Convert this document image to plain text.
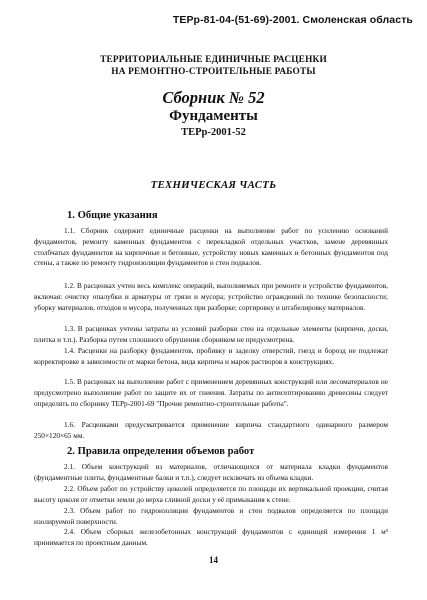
ТЕРр-81-04-(51-69)-2001. Смоленская область
ТЕРРИТОРИАЛЬНЫЕ ЕДИНИЧНЫЕ РАСЦЕНКИ
НА РЕМОНТНО-СТРОИТЕЛЬНЫЕ РАБОТЫ
Сборник № 52
Фундаменты
ТЕРр-2001-52
ТЕХНИЧЕСКАЯ ЧАСТЬ
1. Общие указания

1.1. Сборник содержит единичные расценки на выполнение работ по усилению оснований фундаментов, ремонту каменных фундаментов с перекладкой отдельных участков, замене деревянных столбчатых фундаментов на кирпичные и бетонные, устройству новых каменных и бетонных фундаментов под стены, а также по ремонту гидроизоляции фундаментов и стен подвалов.

1.2. В расценках учтен весь комплекс операций, выполняемых при ремонте и устройстве фундаментов, включая: очистку опалубки и арматуры от грязи и мусора; устройство ограждений по технике безопасности; уборку материалов, отходов и мусора, полученных при разборке; сортировку и штабелировку материалов.

1.3. В расценках учтены затраты из условий разборки стен на отдельные элементы (кирпичи, доски, плитка и т.п.). Разборка путем сплошного обрушения сборником не предусмотрена.

1.4. Расценки на разборку фундаментов, пробивку и заделку отверстий, гнезд и борозд не подлежат корректировке в зависимости от марки бетона, вида кирпича и марок растворов в конструкциях.

1.5. В расценках на выполнение работ с применением деревянных конструкций или лесоматериалов не предусмотрено выполнение работ по защите их от гниения. Затраты по антисептированию древесины следует определять по сборнику ТЕРр-2001-69 "Прочие ремонтно-строительные работы".

1.6. Расценками предусматривается применение кирпича стандартного одинарного размером 250×120×65 мм.

2. Правила определения объемов работ

2.1. Объем конструкций из материалов, отличающихся от материала кладки фундаментов (фундаментные плиты, фундаментные балки и т.п.), следует исключать из объема кладки.

2.2. Объем работ по устройству цоколей определяется по площади их вертикальной проекции, считая высоту цоколя от отметки земли до верха сливной доски у её примыкания к стене.

2.3. Объем работ по гидроизоляции фундаментов и стен подвалов определяется по площади изолируемой поверхности.

2.4. Объем сборных железобетонных конструкций фундаментов с единицей измерения 1 м³ принимается по проектным данным.

14
